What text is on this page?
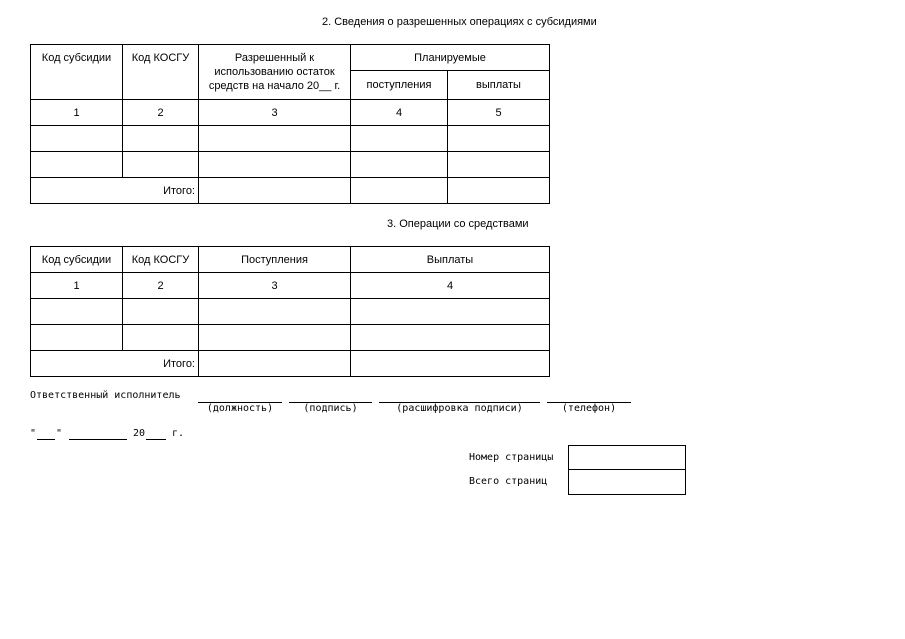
2. Сведения о разрешенных операциях с субсидиями
Код субсидии	Код КОСГУ	Разрешенный к использованию остаток средств на начало 20__ г.	Планируемые	
			поступления	выплаты
1	2	3	4	5

Итого:				
3. Операции со средствами
Код субсидии	Код КОСГУ	Поступления	Выплаты
1	2	3	4

Итого:			
Ответственный исполнитель
(должность)	(подпись)	(расшифровка подписи)	(телефон)
" "	20	г.
Номер страницы
Всего страниц
